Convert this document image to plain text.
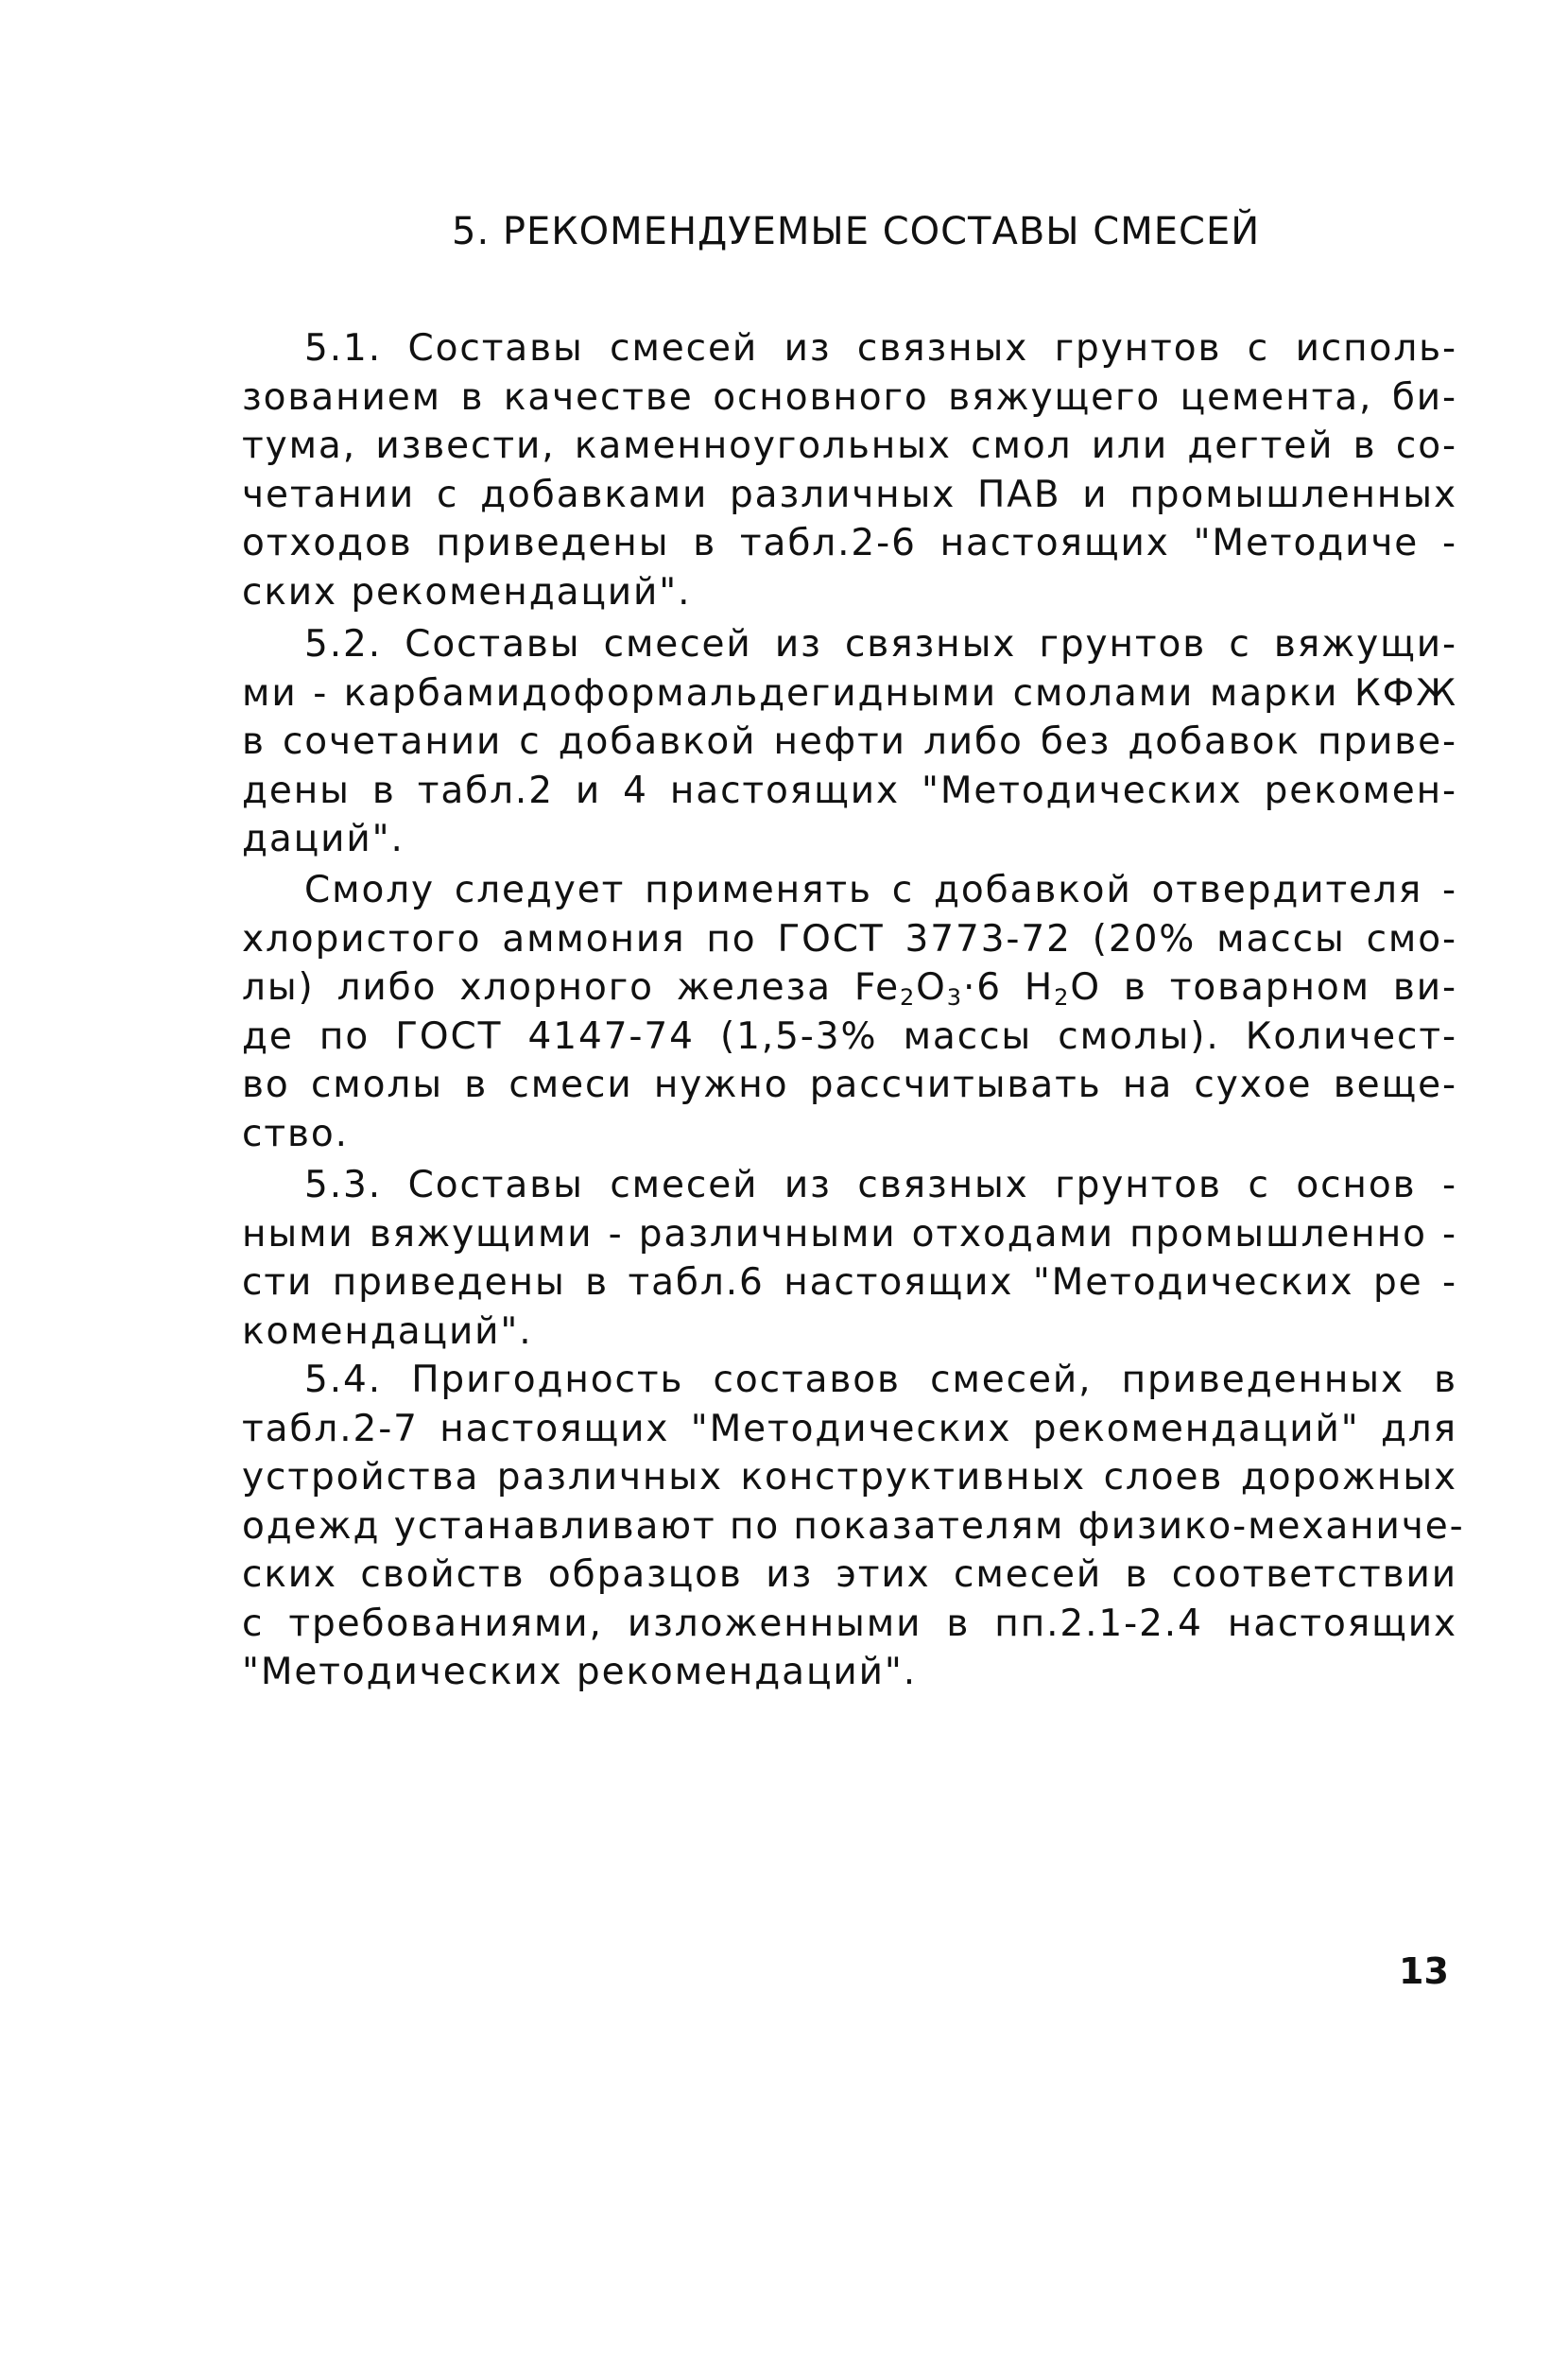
5. РЕКОМЕНДУЕМЫЕ СОСТАВЫ СМЕСЕЙ
5.1. Составы смесей из связных грунтов с исполь-
зованием в качестве основного вяжущего цемента, би-
тума, извести, каменноугольных смол или дегтей в со-
четании с добавками различных ПАВ и промышленных
отходов приведены в табл.2-6 настоящих "Методиче -
ских рекомендаций".
5.2. Составы смесей из связных грунтов с вяжущи-
ми - карбамидоформальдегидными смолами марки КФЖ
в сочетании с добавкой нефти либо без добавок приве-
дены в табл.2 и 4 настоящих "Методических рекомен-
даций".
Смолу следует применять с добавкой отвердителя -
хлористого аммония по ГОСТ 3773-72 (20% массы смо-
лы) либо хлорного железа $Fe_2O_3\cdot 6$ $H_2O$ в товарном ви-
де по ГОСТ 4147-74 (1,5-3% массы смолы). Количест-
во смолы в смеси нужно рассчитывать на сухое веще-
ство.
5.3. Составы смесей из связных грунтов с основ -
ными вяжущими - различными отходами промышленно -
сти приведены в табл.6 настоящих "Методических ре -
комендаций".
5.4. Пригодность составов смесей, приведенных в
табл.2-7 настоящих "Методических рекомендаций" для
устройства различных конструктивных слоев дорожных
одежд устанавливают по показателям физико-механиче-
ских свойств образцов из этих смесей в соответствии
с требованиями, изложенными в пп.2.1-2.4 настоящих
"Методических рекомендаций".
13
